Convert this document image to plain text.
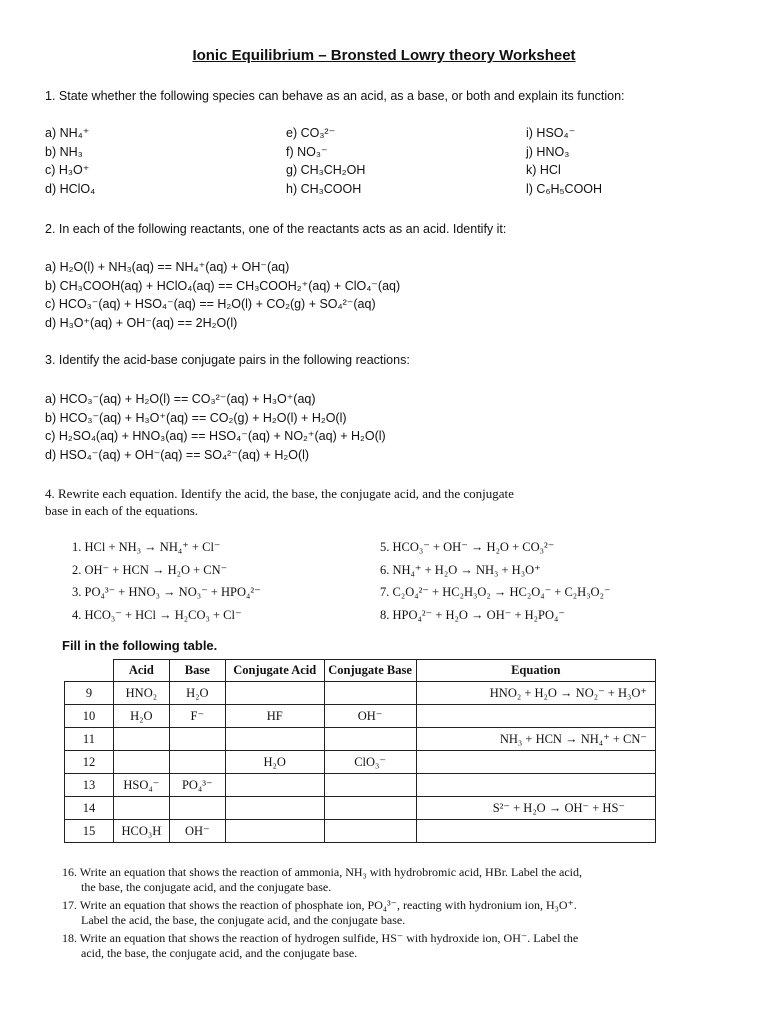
Ionic Equilibrium – Bronsted Lowry theory Worksheet
1. State whether the following species can behave as an acid, as a base, or both and explain its function:
a) NH₄⁺
b) NH₃
c) H₃O⁺
d) HClO₄
e) CO₃²⁻
f) NO₃⁻
g) CH₃CH₂OH
h) CH₃COOH
i) HSO₄⁻
j) HNO₃
k) HCl
l) C₆H₅COOH
2. In each of the following reactants, one of the reactants acts as an acid. Identify it:
a) H₂O(l) + NH₃(aq) == NH₄⁺(aq) + OH⁻(aq)
b) CH₃COOH(aq) + HClO₄(aq) == CH₃COOH₂⁺(aq) + ClO₄⁻(aq)
c) HCO₃⁻(aq) + HSO₄⁻(aq) == H₂O(l) + CO₂(g) + SO₄²⁻(aq)
d) H₃O⁺(aq) + OH⁻(aq) == 2H₂O(l)
3. Identify the acid-base conjugate pairs in the following reactions:
a) HCO₃⁻(aq) + H₂O(l) == CO₃²⁻(aq) + H₃O⁺(aq)
b) HCO₃⁻(aq) + H₃O⁺(aq) == CO₂(g) + H₂O(l) + H₂O(l)
c) H₂SO₄(aq) + HNO₃(aq) == HSO₄⁻(aq) + NO₂⁺(aq) + H₂O(l)
d) HSO₄⁻(aq) + OH⁻(aq) == SO₄²⁻(aq) + H₂O(l)
4. Rewrite each equation. Identify the acid, the base, the conjugate acid, and the conjugate
base in each of the equations.
1. HCl + NH₃ → NH₄⁺ + Cl⁻
2. OH⁻ + HCN → H₂O + CN⁻
3. PO₄³⁻ + HNO₃ → NO₃⁻ + HPO₄²⁻
4. HCO₃⁻ + HCl → H₂CO₃ + Cl⁻
5. HCO₃⁻ + OH⁻ → H₂O + CO₃²⁻
6. NH₄⁺ + H₂O → NH₃ + H₃O⁺
7. C₂O₄²⁻ + HC₂H₃O₂ → HC₂O₄⁻ + C₂H₃O₂⁻
8. HPO₄²⁻ + H₂O → OH⁻ + H₂PO₄⁻
Fill in the following table.
	Acid	Base	Conjugate Acid	Conjugate Base	Equation
9	HNO₂	H₂O			HNO₂ + H₂O → NO₂⁻ + H₃O⁺
10	H₂O	F⁻	HF	OH⁻	
11					NH₃ + HCN → NH₄⁺ + CN⁻
12			H₂O	ClO₃⁻	
13	HSO₄⁻	PO₄³⁻			
14					S²⁻ + H₂O → OH⁻ + HS⁻
15	HCO₃H	OH⁻			
16. Write an equation that shows the reaction of ammonia, NH₃ with hydrobromic acid, HBr. Label the acid,
the base, the conjugate acid, and the conjugate base.
17. Write an equation that shows the reaction of phosphate ion, PO₄³⁻, reacting with hydronium ion, H₃O⁺.
Label the acid, the base, the conjugate acid, and the conjugate base.
18. Write an equation that shows the reaction of hydrogen sulfide, HS⁻ with hydroxide ion, OH⁻. Label the
acid, the base, the conjugate acid, and the conjugate base.
